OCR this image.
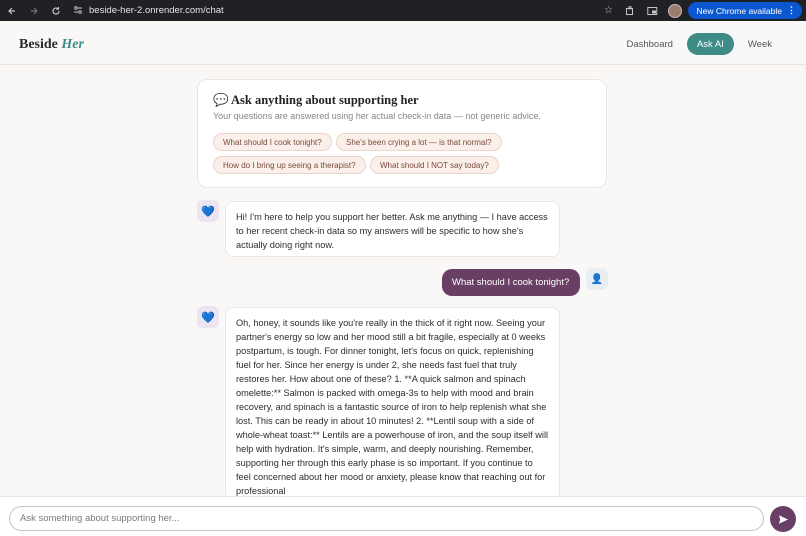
beside-her-2.onrender.com/chat	☆	New Chrome available ⋮
Beside Her	Dashboard	Ask AI	Week
💬 Ask anything about supporting her
Your questions are answered using her actual check-in data — not generic advice.
What should I cook tonight?	She's been crying a lot — is that normal?
How do I bring up seeing a therapist?	What should I NOT say today?
💙	Hi! I'm here to help you support her better. Ask me anything — I have access to her recent check-in data so my answers will be specific to how she's actually doing right now.
What should I cook tonight?	👤
💙	Oh, honey, it sounds like you're really in the thick of it right now. Seeing your partner's energy so low and her mood still a bit fragile, especially at 0 weeks postpartum, is tough. For dinner tonight, let's focus on quick, replenishing fuel for her. Since her energy is under 2, she needs fast fuel that truly restores her. How about one of these? 1. **A quick salmon and spinach omelette:** Salmon is packed with omega-3s to help with mood and brain recovery, and spinach is a fantastic source of iron to help replenish what she lost. This can be ready in about 10 minutes! 2. **Lentil soup with a side of whole-wheat toast:** Lentils are a powerhouse of iron, and the soup itself will help with hydration. It's simple, warm, and deeply nourishing. Remember, supporting her through this early phase is so important. If you continue to feel concerned about her mood or anxiety, please know that reaching out for professional
Ask something about supporting her...
